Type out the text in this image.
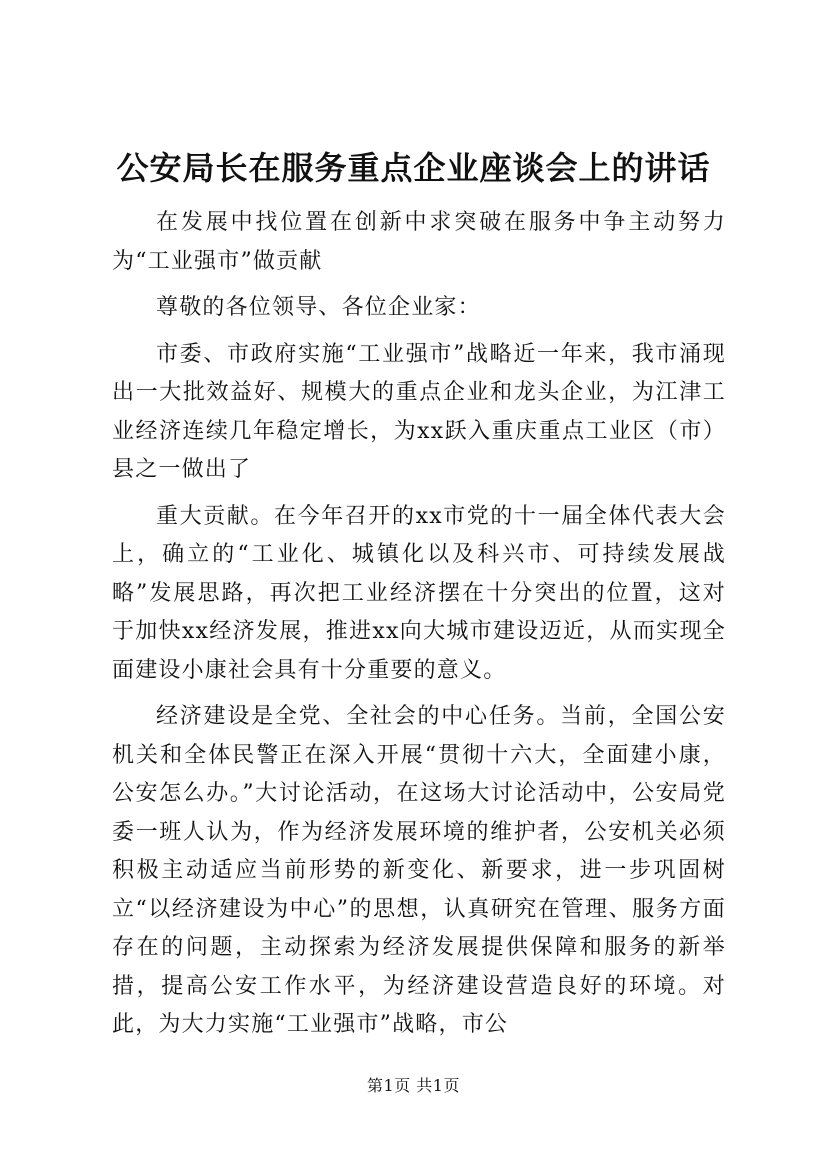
公安局长在服务重点企业座谈会上的讲话

在发展中找位置在创新中求突破在服务中争主动努力为“工业强市”做贡献

尊敬的各位领导、各位企业家：

市委、市政府实施“工业强市”战略近一年来，我市涌现出一大批效益好、规模大的重点企业和龙头企业，为江津工业经济连续几年稳定增长，为xx跃入重庆重点工业区（市）县之一做出了

重大贡献。在今年召开的xx市党的十一届全体代表大会上，确立的“工业化、城镇化以及科兴市、可持续发展战略”发展思路，再次把工业经济摆在十分突出的位置，这对于加快xx经济发展，推进xx向大城市建设迈近，从而实现全面建设小康社会具有十分重要的意义。

经济建设是全党、全社会的中心任务。当前，全国公安机关和全体民警正在深入开展“贯彻十六大，全面建小康，公安怎么办。”大讨论活动，在这场大讨论活动中，公安局党委一班人认为，作为经济发展环境的维护者，公安机关必须积极主动适应当前形势的新变化、新要求，进一步巩固树立“以经济建设为中心”的思想，认真研究在管理、服务方面存在的问题，主动探索为经济发展提供保障和服务的新举措，提高公安工作水平，为经济建设营造良好的环境。对此，为大力实施“工业强市”战略，市公

第1页 共1页
